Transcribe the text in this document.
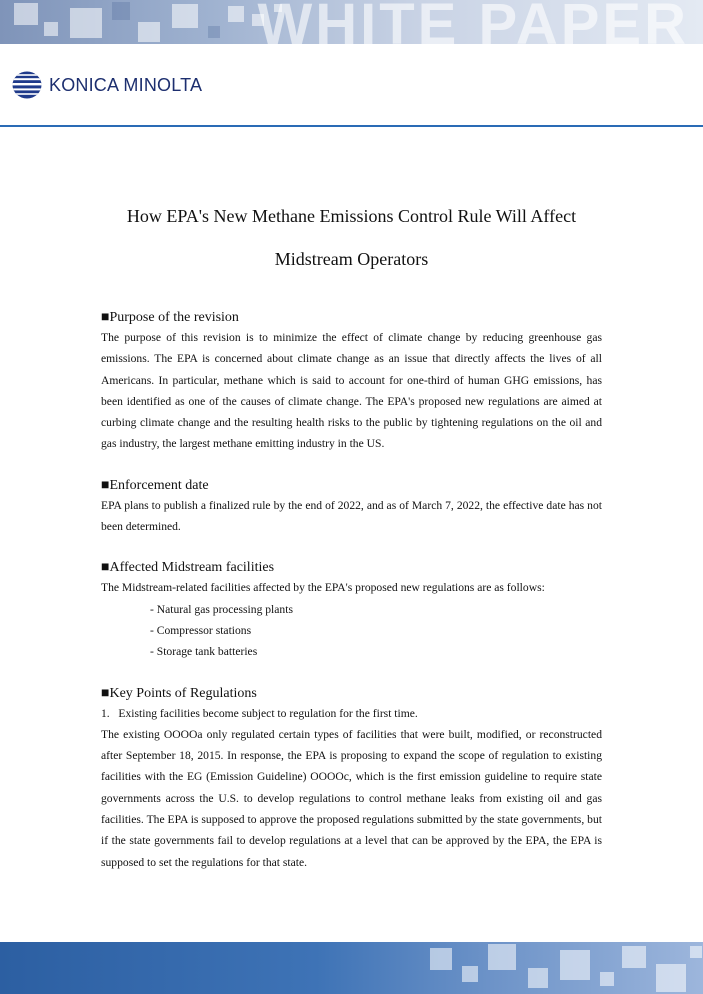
WHITE PAPER
KONICA MINOLTA
How EPA's New Methane Emissions Control Rule Will Affect
Midstream Operators
■Purpose of the revision
The purpose of this revision is to minimize the effect of climate change by reducing greenhouse gas emissions. The EPA is concerned about climate change as an issue that directly affects the lives of all Americans. In particular, methane which is said to account for one-third of human GHG emissions, has been identified as one of the causes of climate change. The EPA's proposed new regulations are aimed at curbing climate change and the resulting health risks to the public by tightening regulations on the oil and gas industry, the largest methane emitting industry in the US.
■Enforcement date
EPA plans to publish a finalized rule by the end of 2022, and as of March 7, 2022, the effective date has not been determined.
■Affected Midstream facilities
The Midstream-related facilities affected by the EPA's proposed new regulations are as follows:
- Natural gas processing plants
- Compressor stations
- Storage tank batteries
■Key Points of Regulations
1.   Existing facilities become subject to regulation for the first time.
The existing OOOOa only regulated certain types of facilities that were built, modified, or reconstructed after September 18, 2015. In response, the EPA is proposing to expand the scope of regulation to existing facilities with the EG (Emission Guideline) OOOOc, which is the first emission guideline to require state governments across the U.S. to develop regulations to control methane leaks from existing oil and gas facilities. The EPA is supposed to approve the proposed regulations submitted by the state governments, but if the state governments fail to develop regulations at a level that can be approved by the EPA, the EPA is supposed to set the regulations for that state.
